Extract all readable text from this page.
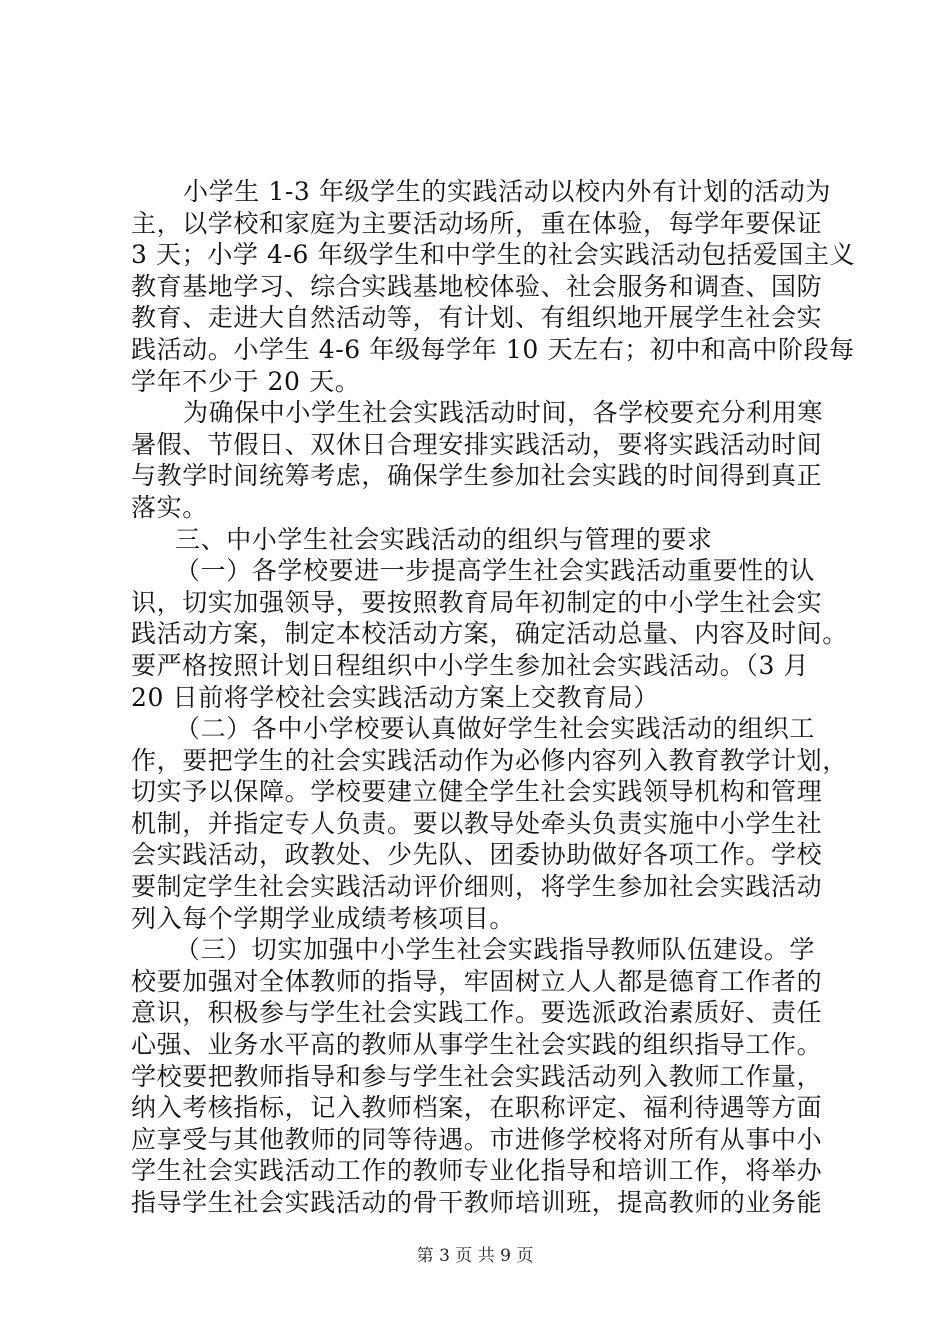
小学生 1-3 年级学生的实践活动以校内外有计划的活动为
主，以学校和家庭为主要活动场所，重在体验，每学年要保证
3 天；小学 4-6 年级学生和中学生的社会实践活动包括爱国主义
教育基地学习、综合实践基地校体验、社会服务和调查、国防
教育、走进大自然活动等，有计划、有组织地开展学生社会实
践活动。小学生 4-6 年级每学年 10 天左右；初中和高中阶段每
学年不少于 20 天。
为确保中小学生社会实践活动时间，各学校要充分利用寒
暑假、节假日、双休日合理安排实践活动，要将实践活动时间
与教学时间统筹考虑，确保学生参加社会实践的时间得到真正
落实。
三、中小学生社会实践活动的组织与管理的要求
（一）各学校要进一步提高学生社会实践活动重要性的认
识，切实加强领导，要按照教育局年初制定的中小学生社会实
践活动方案，制定本校活动方案，确定活动总量、内容及时间。
要严格按照计划日程组织中小学生参加社会实践活动。（3 月
20 日前将学校社会实践活动方案上交教育局）
（二）各中小学校要认真做好学生社会实践活动的组织工
作，要把学生的社会实践活动作为必修内容列入教育教学计划，
切实予以保障。学校要建立健全学生社会实践领导机构和管理
机制，并指定专人负责。要以教导处牵头负责实施中小学生社
会实践活动，政教处、少先队、团委协助做好各项工作。学校
要制定学生社会实践活动评价细则，将学生参加社会实践活动
列入每个学期学业成绩考核项目。
（三）切实加强中小学生社会实践指导教师队伍建设。学
校要加强对全体教师的指导，牢固树立人人都是德育工作者的
意识，积极参与学生社会实践工作。要选派政治素质好、责任
心强、业务水平高的教师从事学生社会实践的组织指导工作。
学校要把教师指导和参与学生社会实践活动列入教师工作量，
纳入考核指标，记入教师档案，在职称评定、福利待遇等方面
应享受与其他教师的同等待遇。市进修学校将对所有从事中小
学生社会实践活动工作的教师专业化指导和培训工作，将举办
指导学生社会实践活动的骨干教师培训班，提高教师的业务能
第 3 页 共 9 页
